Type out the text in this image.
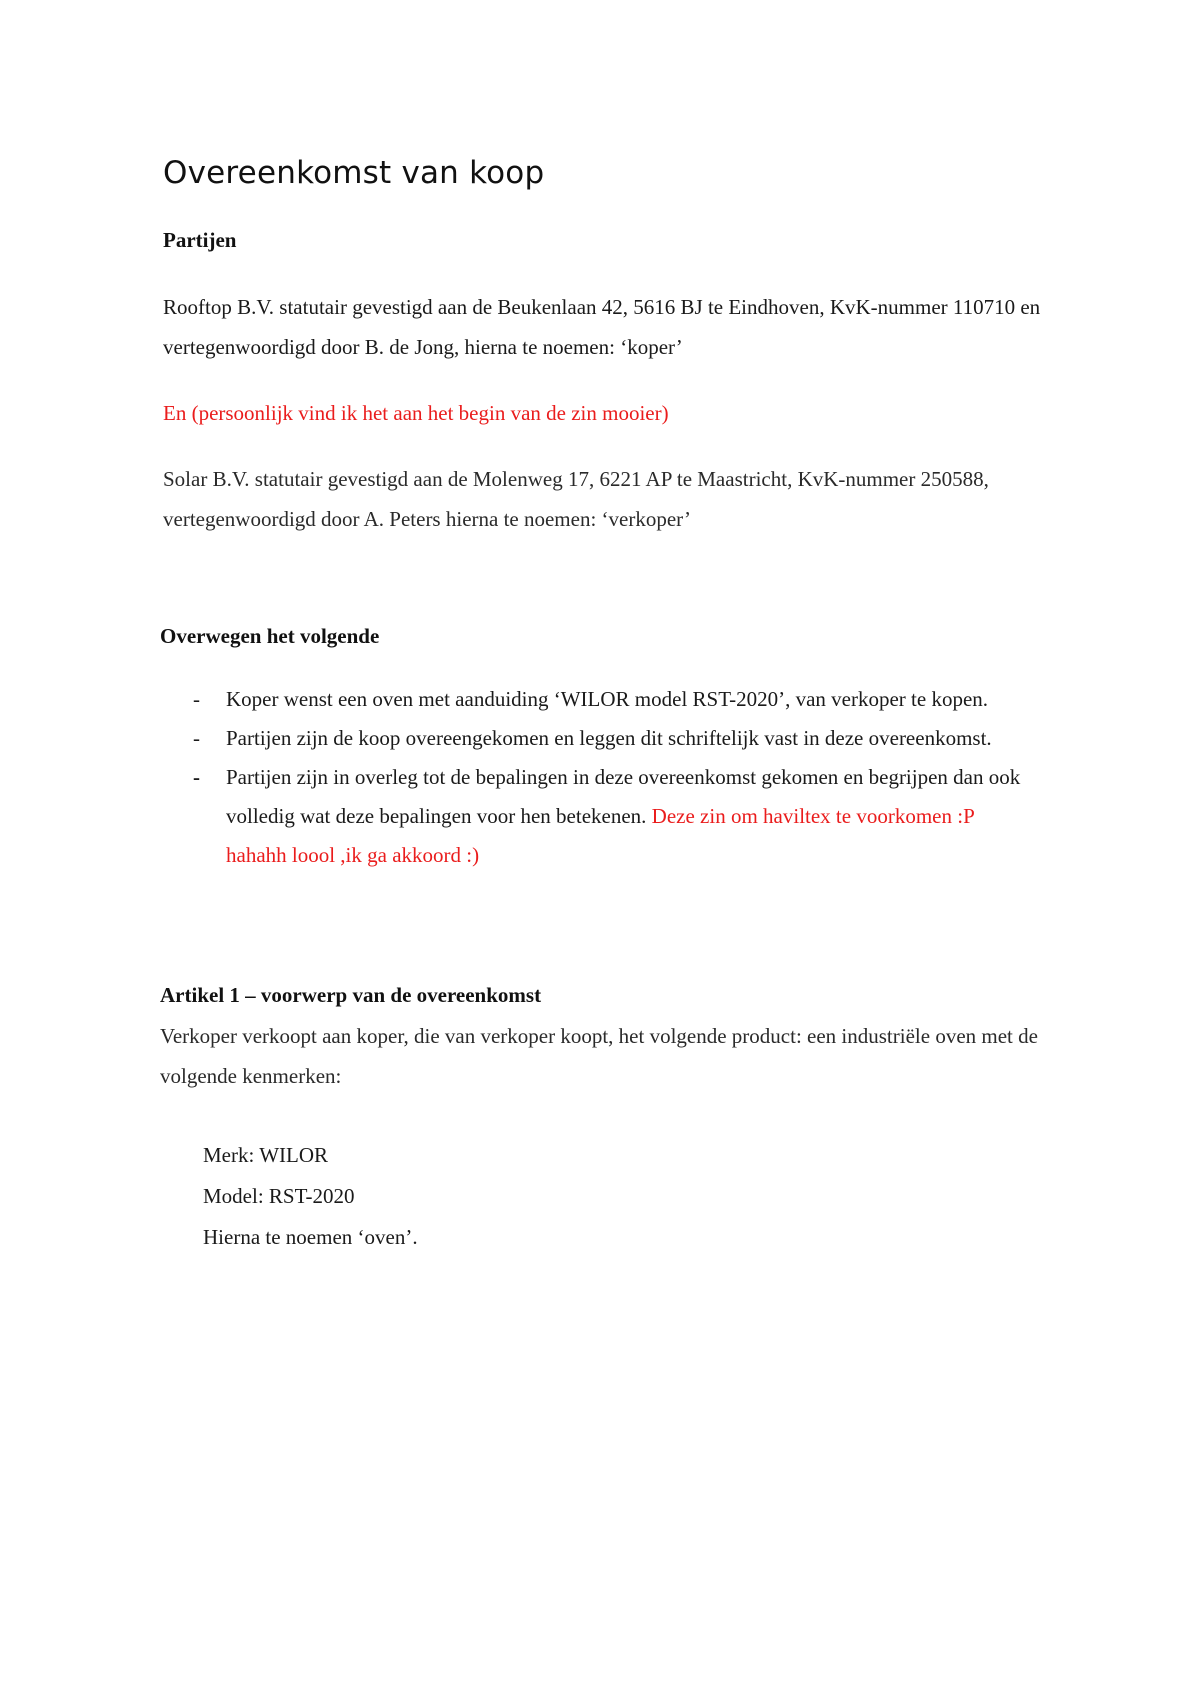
Overeenkomst van koop
Partijen

Rooftop B.V. statutair gevestigd aan de Beukenlaan 42, 5616 BJ te Eindhoven, KvK-nummer 110710 en vertegenwoordigd door B. de Jong, hierna te noemen: ‘koper’

En (persoonlijk vind ik het aan het begin van de zin mooier)

Solar B.V. statutair gevestigd aan de Molenweg 17, 6221 AP te Maastricht, KvK-nummer 250588, vertegenwoordigd door A. Peters hierna te noemen: ‘verkoper’

Overwegen het volgende
- Koper wenst een oven met aanduiding ‘WILOR model RST-2020’, van verkoper te kopen.
- Partijen zijn de koop overeengekomen en leggen dit schriftelijk vast in deze overeenkomst.
- Partijen zijn in overleg tot de bepalingen in deze overeenkomst gekomen en begrijpen dan ook volledig wat deze bepalingen voor hen betekenen. Deze zin om haviltex te voorkomen :P hahahh loool ,ik ga akkoord :)
Artikel 1 – voorwerp van de overeenkomst

Verkoper verkoopt aan koper, die van verkoper koopt, het volgende product: een industriële oven met de volgende kenmerken:

Merk: WILOR

Model: RST-2020

Hierna te noemen ‘oven’.
